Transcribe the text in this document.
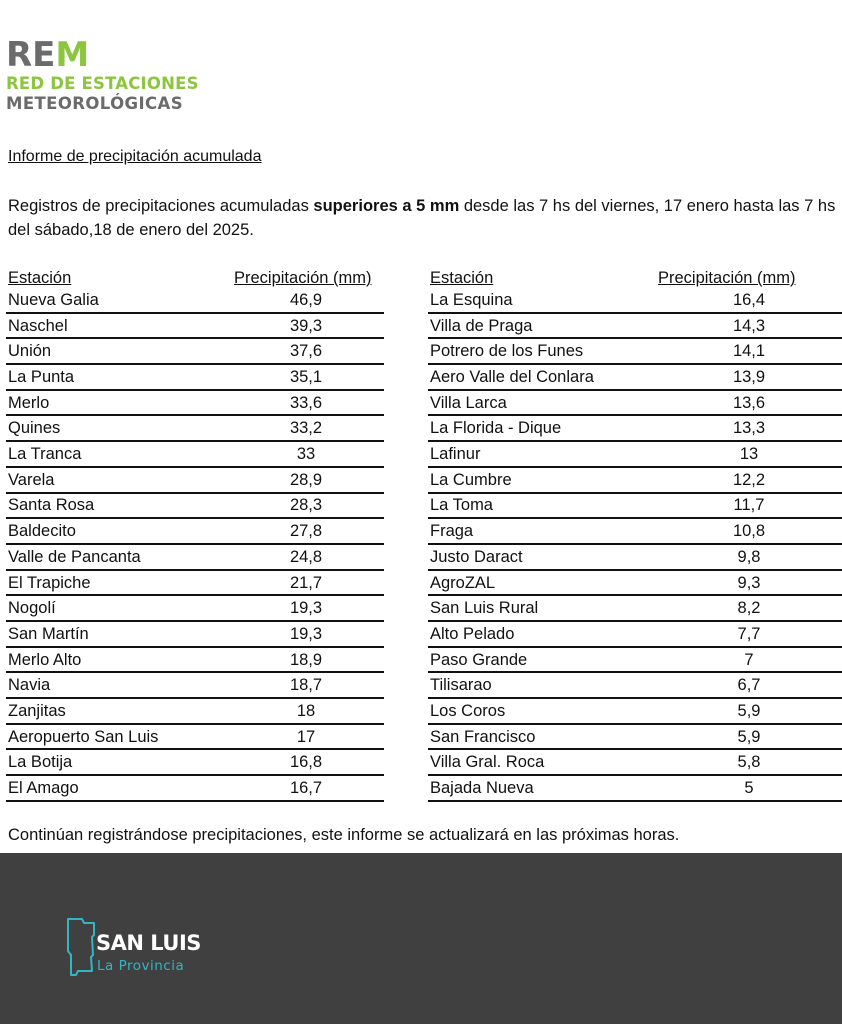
REM
RED DE ESTACIONES
METEOROLÓGICAS
Informe de precipitación acumulada
Registros de precipitaciones acumuladas superiores a 5 mm desde las 7 hs del viernes, 17 enero hasta las 7 hs del sábado,18 de enero del 2025.
Estación	Precipitación (mm)
Nueva Galia	46,9
Naschel	39,3
Unión	37,6
La Punta	35,1
Merlo	33,6
Quines	33,2
La Tranca	33
Varela	28,9
Santa Rosa	28,3
Baldecito	27,8
Valle de Pancanta	24,8
El Trapiche	21,7
Nogolí	19,3
San Martín	19,3
Merlo Alto	18,9
Navia	18,7
Zanjitas	18
Aeropuerto San Luis	17
La Botija	16,8
El Amago	16,7
Estación	Precipitación (mm)
La Esquina	16,4
Villa de Praga	14,3
Potrero de los Funes	14,1
Aero Valle del Conlara	13,9
Villa Larca	13,6
La Florida - Dique	13,3
Lafinur	13
La Cumbre	12,2
La Toma	11,7
Fraga	10,8
Justo Daract	9,8
AgroZAL	9,3
San Luis Rural	8,2
Alto Pelado	7,7
Paso Grande	7
Tilisarao	6,7
Los Coros	5,9
San Francisco	5,9
Villa Gral. Roca	5,8
Bajada Nueva	5
Continúan registrándose precipitaciones, este informe se actualizará en las próximas horas.
SAN LUIS
La Provincia
